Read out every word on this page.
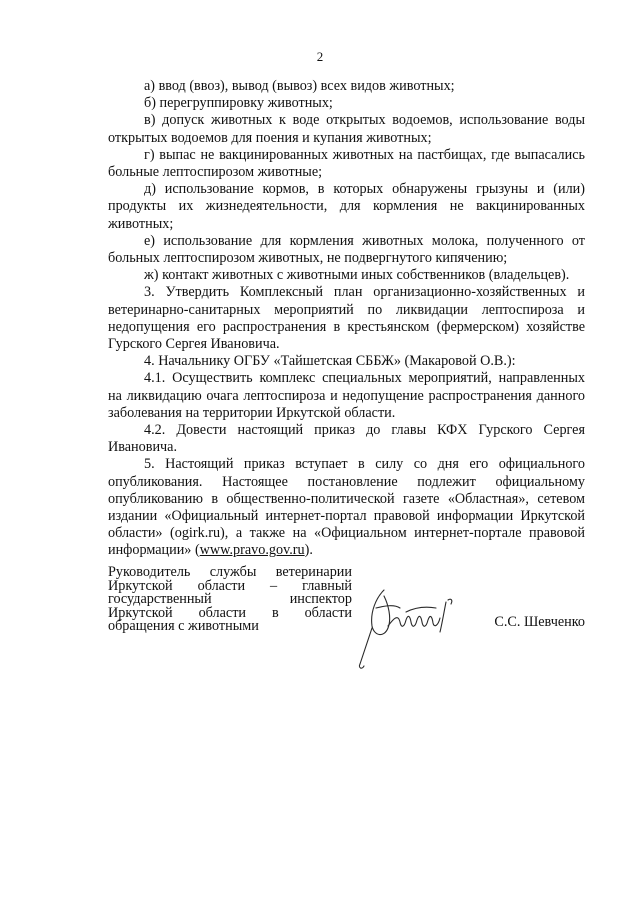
2

а) ввод (ввоз), вывод (вывоз) всех видов животных;

б) перегруппировку животных;

в) допуск животных к воде открытых водоемов, использование воды открытых водоемов для поения и купания животных;

г) выпас не вакцинированных животных на пастбищах, где выпасались больные лептоспирозом животные;

д) использование кормов, в которых обнаружены грызуны и (или) продукты их жизнедеятельности, для кормления не вакцинированных животных;

е) использование для кормления животных молока, полученного от больных лептоспирозом животных, не подвергнутого кипячению;

ж) контакт животных с животными иных собственников (владельцев).

3. Утвердить Комплексный план организационно-хозяйственных и ветеринарно-санитарных мероприятий по ликвидации лептоспироза и недопущения его распространения в крестьянском (фермерском) хозяйстве Гурского Сергея Ивановича.

4. Начальнику ОГБУ «Тайшетская СББЖ» (Макаровой О.В.):

4.1. Осуществить комплекс специальных мероприятий, направленных на ликвидацию очага лептоспироза и недопущение распространения данного заболевания на территории Иркутской области.

4.2. Довести настоящий приказ до главы КФХ Гурского Сергея Ивановича.

5. Настоящий приказ вступает в силу со дня его официального опубликования. Настоящее постановление подлежит официальному опубликованию в общественно-политической газете «Областная», сетевом издании «Официальный интернет-портал правовой информации Иркутской области» (ogirk.ru), а также на «Официальном интернет-портале правовой информации» (www.pravo.gov.ru).

Руководитель службы ветеринарии
Иркутской области – главный
государственный инспектор
Иркутской области в области
обращения с животными	С.С. Шевченко
